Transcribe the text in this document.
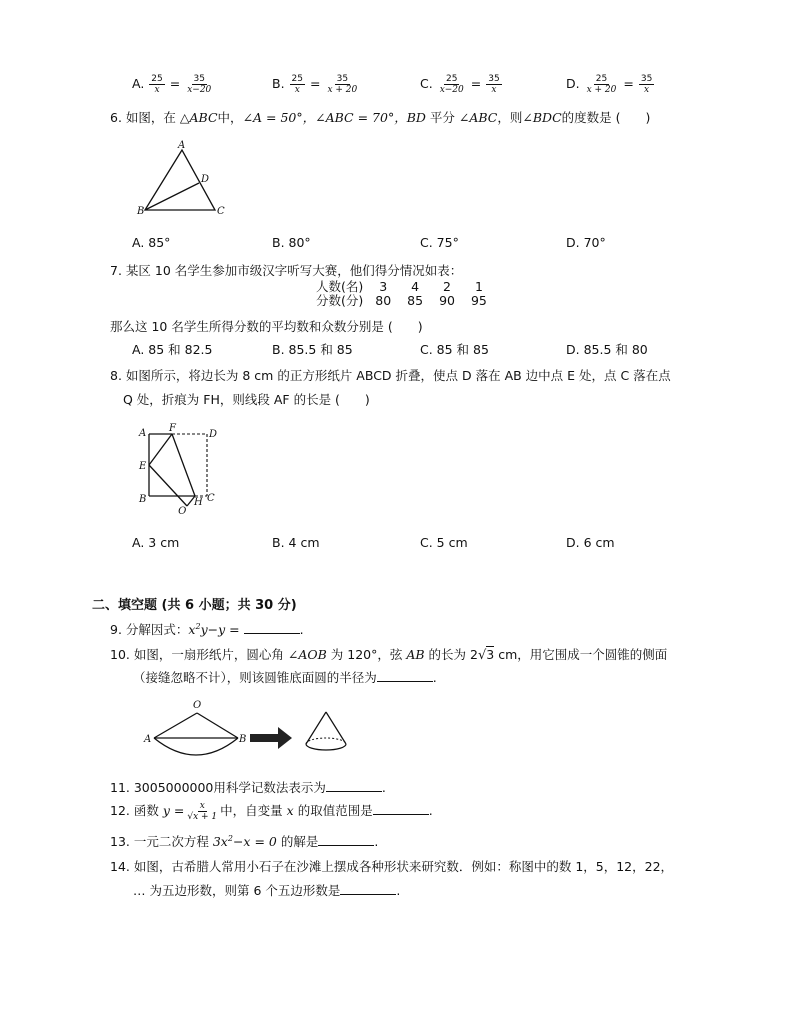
A. $\frac{25}{x} = \frac{35}{x-20}$	B. $\frac{25}{x} = \frac{35}{x + 20}$	C. $\frac{25}{x-20} = \frac{35}{x}$	D. $\frac{25}{x + 20} = \frac{35}{x}$
6. 如图，在 △ABC中，∠A = 50°，∠ABC = 70°，BD 平分 ∠ABC，则∠BDC的度数是 (　　)
A
D
B	C
A. 85°	B. 80°	C. 75°	D. 70°
7. 某区 10 名学生参加市级汉字听写大赛，他们得分情况如表：
人数(名)	3	4	2	1
分数(分)	80	85	90	95
那么这 10 名学生所得分数的平均数和众数分别是 (　　)
A. 85 和 82.5	B. 85.5 和 85	C. 85 和 85	D. 85.5 和 80
8. 如图所示，将边长为 8 cm 的正方形纸片 ABCD 折叠，使点 D 落在 AB 边中点 E 处，点 C 落在点
Q 处，折痕为 FH，则线段 AF 的长是 (　　)
A F
D
E
B	C
H
Q
A. 3 cm	B. 4 cm	C. 5 cm	D. 6 cm
二、填空题 (共 6 小题；共 30 分)
9. 分解因式：$x^2y-y$ =	.
10. 如图，一扇形纸片，圆心角 ∠AOB 为 120°，弦 AB 的长为 2√3 cm，用它围成一个圆锥的侧面
（接缝忽略不计），则该圆锥底面圆的半径为	.
O
A	B
11. 3005000000用科学记数法表示为	.
12. 函数 $y = \frac{x}{√x + 1}$ 中，自变量 x 的取值范围是	.
13. 一元二次方程 $3x^2-x = 0$ 的解是	.
14. 如图，古希腊人常用小石子在沙滩上摆成各种形状来研究数．例如：称图中的数 1，5，12，22，
… 为五边形数，则第 6 个五边形数是	.
